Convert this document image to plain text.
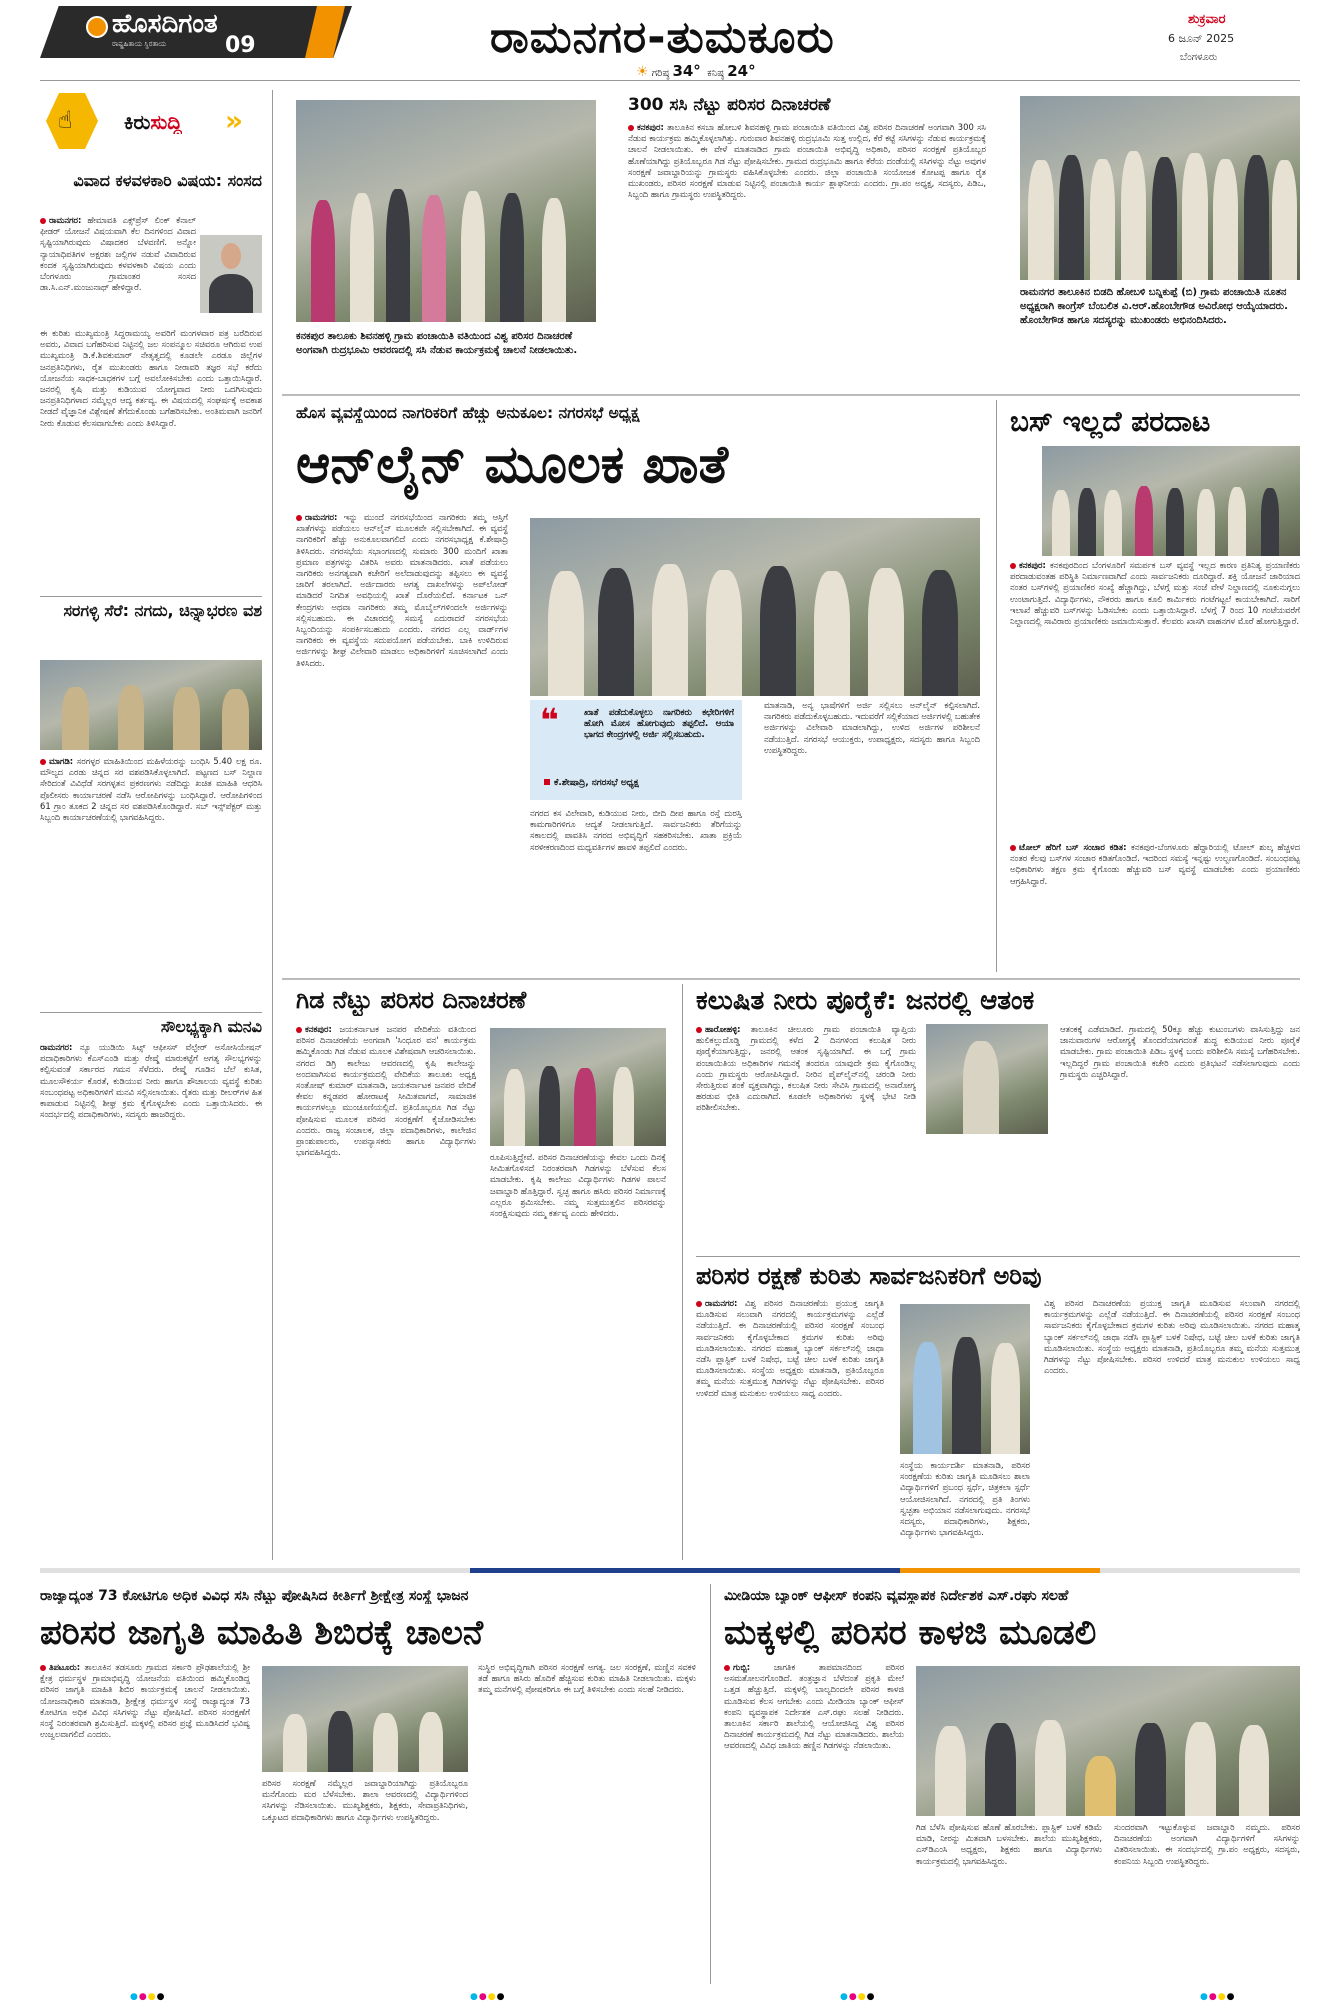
ಹೊಸದಿಗಂತ
ರಾಷ್ಟ್ರಹಿತಾಯ ಸ್ಥಿರತಾಯ	09	ರಾಮನಗರ-ತುಮಕೂರು	ಶುಕ್ರವಾರ
6 ಜೂನ್ 2025
ಬೆಂಗಳೂರು
☀ ಗರಿಷ್ಠ 34° ಕನಿಷ್ಠ 24°
☝	ಕಿರುಸುದ್ದಿ »
ವಿವಾದ ಕಳವಳಕಾರಿ ವಿಷಯ: ಸಂಸದ
ರಾಮನಗರ: ಹೇಮಾವತಿ ಎಕ್ಸ್‌ಪ್ರೆಸ್ ಲಿಂಕ್ ಕೆನಾಲ್ ಫೀಡರ್ ಯೋಜನೆ ವಿಷಯವಾಗಿ ಕೆಲ ದಿನಗಳಿಂದ ವಿವಾದ ಸೃಷ್ಟಿಯಾಗಿರುವುದು ವಿಷಾದಕರ ಬೆಳವಣಿಗೆ. ಅನ್ನೋ ನ್ಯಾಯಾಧಿಪತಿಗಳ ಅಕ್ಷರಶಃ ಜಲ್ಲಿಗಳ ನಡುವೆ ವಿವಾದಿರುವ ಕಂದಕ ಸೃಷ್ಟಿಯಾಗಿರುವುದು ಕಳವಳಕಾರಿ ವಿಷಯ ಎಂದು ಬೆಂಗಳೂರು ಗ್ರಾಮಾಂತರ ಸಂಸದ ಡಾ.ಸಿ.ಎನ್.ಮಂಜುನಾಥ್ ಹೇಳಿದ್ದಾರೆ.
ಈ ಕುರಿತು ಮುಖ್ಯಮಂತ್ರಿ ಸಿದ್ದರಾಮಯ್ಯ ಅವರಿಗೆ ಮಂಗಳವಾರ ಪತ್ರ ಬರೆದಿರುವ ಅವರು, ವಿವಾದ ಬಗೆಹರಿಸುವ ನಿಟ್ಟಿನಲ್ಲಿ ಜಲ ಸಂಪನ್ಮೂಲ ಸಚಿವರೂ ಆಗಿರುವ ಉಪ ಮುಖ್ಯಮಂತ್ರಿ ಡಿ.ಕೆ.ಶಿವಕುಮಾರ್ ನೇತೃತ್ವದಲ್ಲಿ ಕೂಡಲೇ ಎರಡೂ ಜಿಲ್ಲೆಗಳ ಜನಪ್ರತಿನಿಧಿಗಳು, ರೈತ ಮುಖಂಡರು ಹಾಗೂ ನೀರಾವರಿ ತಜ್ಞರ ಸಭೆ ಕರೆದು ಯೋಜನೆಯ ಸಾಧಕ-ಬಾಧಕಗಳ ಬಗ್ಗೆ ಅವಲೋಕಿಸಬೇಕು ಎಂದು ಒತ್ತಾಯಿಸಿದ್ದಾರೆ. ಜನರಲ್ಲಿ ಕೃಷಿ ಮತ್ತು ಕುಡಿಯುವ ಯೋಗ್ಯವಾದ ನೀರು ಒದಗಿಸುವುದು ಜನಪ್ರತಿನಿಧಿಗಳಾದ ನಮ್ಮೆಲ್ಲರ ಆದ್ಯ ಕರ್ತವ್ಯ. ಈ ವಿಷಯದಲ್ಲಿ ಸಂಘರ್ಷಕ್ಕೆ ಅವಕಾಶ ನೀಡದೆ ವೈಜ್ಞಾನಿಕ ವಿಶ್ಲೇಷಣೆ ತೆಗೆದುಕೊಂಡು ಬಗೆಹರಿಸಬೇಕು. ಅಂತಿಮವಾಗಿ ಜನರಿಗೆ ನೀರು ಕೊಡುವ ಕೆಲಸವಾಗಬೇಕು ಎಂದು ತಿಳಿಸಿದ್ದಾರೆ.
ಸರಗಳ್ಳಿ ಸೆರೆ: ನಗದು, ಚಿನ್ನಾಭರಣ ವಶ
ಮಾಗಡಿ: ಸರಗಳ್ಳರ ಮಾಹಿತಿಯಿಂದ ಮಹಿಳೆಯರನ್ನು ಬಂಧಿಸಿ 5.40 ಲಕ್ಷ ರೂ. ಮೌಲ್ಯದ ಎರಡು ಚಿನ್ನದ ಸರ ವಶಪಡಿಸಿಕೊಳ್ಳಲಾಗಿದೆ. ಪಟ್ಟಣದ ಬಸ್ ನಿಲ್ದಾಣ ಸೇರಿದಂತೆ ವಿವಿಧೆಡೆ ಸರಗಳ್ಳತನ ಪ್ರಕರಣಗಳು ನಡೆದಿದ್ದು ಖಚಿತ ಮಾಹಿತಿ ಆಧರಿಸಿ ಪೊಲೀಸರು ಕಾರ್ಯಾಚರಣೆ ನಡೆಸಿ ಆರೋಪಿಗಳನ್ನು ಬಂಧಿಸಿದ್ದಾರೆ. ಆರೋಪಿಗಳಿಂದ 61 ಗ್ರಾಂ ತೂಕದ 2 ಚಿನ್ನದ ಸರ ವಶಪಡಿಸಿಕೊಂಡಿದ್ದಾರೆ. ಸಬ್ ಇನ್ಸ್‌ಪೆಕ್ಟರ್ ಮತ್ತು ಸಿಬ್ಬಂದಿ ಕಾರ್ಯಾಚರಣೆಯಲ್ಲಿ ಭಾಗವಹಿಸಿದ್ದರು.
ಸೌಲಭ್ಯಕ್ಕಾಗಿ ಮನವಿ
ರಾಮನಗರ: ನ್ಯೂ ಯುಡಿಯಿ ಸಿಟ್ಸ್ ಆಫೀಸಸ್ ವೆಲ್ಫೇರ್ ಅಸೋಸಿಯೇಷನ್ ಪದಾಧಿಕಾರಿಗಳು ಕೆಎಸ್ಎಂಡಿ ಮತ್ತು ರೇಷ್ಮೆ ಮಾರುಕಟ್ಟೆಗೆ ಅಗತ್ಯ ಸೌಲಭ್ಯಗಳನ್ನು ಕಲ್ಪಿಸುವಂತೆ ಸರ್ಕಾರದ ಗಮನ ಸೆಳೆದರು. ರೇಷ್ಮೆ ಗೂಡಿನ ಬೆಲೆ ಕುಸಿತ, ಮೂಲಸೌಕರ್ಯ ಕೊರತೆ, ಕುಡಿಯುವ ನೀರು ಹಾಗೂ ಶೌಚಾಲಯ ವ್ಯವಸ್ಥೆ ಕುರಿತು ಸಂಬಂಧಪಟ್ಟ ಅಧಿಕಾರಿಗಳಿಗೆ ಮನವಿ ಸಲ್ಲಿಸಲಾಯಿತು. ರೈತರು ಮತ್ತು ರೀಲರ್‌ಗಳ ಹಿತ ಕಾಪಾಡುವ ನಿಟ್ಟಿನಲ್ಲಿ ಶೀಘ್ರ ಕ್ರಮ ಕೈಗೊಳ್ಳಬೇಕು ಎಂದು ಒತ್ತಾಯಿಸಿದರು. ಈ ಸಂದರ್ಭದಲ್ಲಿ ಪದಾಧಿಕಾರಿಗಳು, ಸದಸ್ಯರು ಹಾಜರಿದ್ದರು.
ಕನಕಪುರ ತಾಲೂಕು ಶಿವನಹಳ್ಳಿ ಗ್ರಾಮ ಪಂಚಾಯಿತಿ ವತಿಯಿಂದ ವಿಶ್ವ ಪರಿಸರ ದಿನಾಚರಣೆ ಅಂಗವಾಗಿ ರುದ್ರಭೂಮಿ ಆವರಣದಲ್ಲಿ ಸಸಿ ನೆಡುವ ಕಾರ್ಯಕ್ರಮಕ್ಕೆ ಚಾಲನೆ ನೀಡಲಾಯಿತು.
300 ಸಸಿ ನೆಟ್ಟು ಪರಿಸರ ದಿನಾಚರಣೆ
ಕನಕಪುರ: ತಾಲೂಕಿನ ಕಸಬಾ ಹೋಬಳಿ ಶಿವನಹಳ್ಳಿ ಗ್ರಾಮ ಪಂಚಾಯಿತಿ ವತಿಯಿಂದ ವಿಶ್ವ ಪರಿಸರ ದಿನಾಚರಣೆ ಅಂಗವಾಗಿ 300 ಸಸಿ ನೆಡುವ ಕಾರ್ಯಕ್ರಮ ಹಮ್ಮಿಕೊಳ್ಳಲಾಗಿತ್ತು. ಗುರುವಾರ ಶಿವನಹಳ್ಳಿ ರುದ್ರಭೂಮಿ ಸುತ್ತ ಉಲ್ಲಿದ, ಕೆರೆ ಕಟ್ಟೆ ಸಸಿಗಳನ್ನು ನೆಡುವ ಕಾರ್ಯಕ್ರಮಕ್ಕೆ ಚಾಲನೆ ನೀಡಲಾಯಿತು. ಈ ವೇಳೆ ಮಾತನಾಡಿದ ಗ್ರಾಮ ಪಂಚಾಯಿತಿ ಅಭಿವೃದ್ಧಿ ಅಧಿಕಾರಿ, ಪರಿಸರ ಸಂರಕ್ಷಣೆ ಪ್ರತಿಯೊಬ್ಬರ ಹೊಣೆಯಾಗಿದ್ದು ಪ್ರತಿಯೊಬ್ಬರೂ ಗಿಡ ನೆಟ್ಟು ಪೋಷಿಸಬೇಕು. ಗ್ರಾಮದ ರುದ್ರಭೂಮಿ ಹಾಗೂ ಕೆರೆಯ ದಂಡೆಯಲ್ಲಿ ಸಸಿಗಳನ್ನು ನೆಟ್ಟು ಅವುಗಳ ಸಂರಕ್ಷಣೆ ಜವಾಬ್ದಾರಿಯನ್ನು ಗ್ರಾಮಸ್ಥರು ವಹಿಸಿಕೊಳ್ಳಬೇಕು ಎಂದರು. ಜಿಲ್ಲಾ ಪಂಚಾಯಿತಿ ಸಂಯೋಜಕ ಕೋಟಪ್ಪ ಹಾಗೂ ರೈತ ಮುಖಂಡರು, ಪರಿಸರ ಸಂರಕ್ಷಣೆ ಮಾಡುವ ನಿಟ್ಟಿನಲ್ಲಿ ಪಂಚಾಯಿತಿ ಕಾರ್ಯ ಶ್ಲಾಘನೀಯ ಎಂದರು. ಗ್ರಾ.ಪಂ ಅಧ್ಯಕ್ಷ, ಸದಸ್ಯರು, ಪಿಡಿಒ, ಸಿಬ್ಬಂದಿ ಹಾಗೂ ಗ್ರಾಮಸ್ಥರು ಉಪಸ್ಥಿತರಿದ್ದರು.
ರಾಮನಗರ ತಾಲೂಕಿನ ಬಿಡದಿ ಹೋಬಳಿ ಬನ್ನಿಕುಪ್ಪೆ (ಬಿ) ಗ್ರಾಮ ಪಂಚಾಯಿತಿ ನೂತನ ಅಧ್ಯಕ್ಷರಾಗಿ ಕಾಂಗ್ರೆಸ್ ಬೆಂಬಲಿತ ವಿ.ಆರ್.ಹೊಂಬೇಗೌಡ ಅವಿರೋಧ ಆಯ್ಕೆಯಾದರು. ಹೊಂಬೇಗೌಡ ಹಾಗೂ ಸದಸ್ಯರನ್ನು ಮುಖಂಡರು ಅಭಿನಂದಿಸಿದರು.
ಹೊಸ ವ್ಯವಸ್ಥೆಯಿಂದ ನಾಗರಿಕರಿಗೆ ಹೆಚ್ಚು ಅನುಕೂಲ: ನಗರಸಭೆ ಅಧ್ಯಕ್ಷ
ಆನ್‌ಲೈನ್ ಮೂಲಕ ಖಾತೆ
ರಾಮನಗರ: ಇನ್ನು ಮುಂದೆ ನಗರಸಭೆಯಿಂದ ನಾಗರಿಕರು ತಮ್ಮ ಆಸ್ತಿಗೆ ಖಾತೆಗಳನ್ನು ಪಡೆಯಲು ಆನ್‌ಲೈನ್ ಮೂಲಕವೇ ಸಲ್ಲಿಸಬೇಕಾಗಿದೆ. ಈ ವ್ಯವಸ್ಥೆ ನಾಗರಿಕರಿಗೆ ಹೆಚ್ಚು ಅನುಕೂಲವಾಗಲಿದೆ ಎಂದು ನಗರಸಭಾಧ್ಯಕ್ಷ ಕೆ.ಶೇಷಾದ್ರಿ ತಿಳಿಸಿದರು. ನಗರಸಭೆಯ ಸಭಾಂಗಣದಲ್ಲಿ ಸುಮಾರು 300 ಮಂದಿಗೆ ಖಾತಾ ಪ್ರಮಾಣ ಪತ್ರಗಳನ್ನು ವಿತರಿಸಿ ಅವರು ಮಾತನಾಡಿದರು. ಖಾತೆ ಪಡೆಯಲು ನಾಗರಿಕರು ಅನಗತ್ಯವಾಗಿ ಕಚೇರಿಗೆ ಅಲೆದಾಡುವುದನ್ನು ತಪ್ಪಿಸಲು ಈ ವ್ಯವಸ್ಥೆ ಜಾರಿಗೆ ತರಲಾಗಿದೆ. ಅರ್ಜಿದಾರರು ಅಗತ್ಯ ದಾಖಲೆಗಳನ್ನು ಅಪ್‌ಲೋಡ್ ಮಾಡಿದರೆ ನಿಗದಿತ ಅವಧಿಯಲ್ಲಿ ಖಾತೆ ದೊರೆಯಲಿದೆ. ಕರ್ನಾಟಕ ಒನ್ ಕೇಂದ್ರಗಳು ಅಥವಾ ನಾಗರಿಕರು ತಮ್ಮ ಮೊಬೈಲ್‌ಗಳಿಂದಲೇ ಅರ್ಜಿಗಳನ್ನು ಸಲ್ಲಿಸಬಹುದು. ಈ ವಿಚಾರದಲ್ಲಿ ಸಮಸ್ಯೆ ಎದುರಾದರೆ ನಗರಸಭೆಯ ಸಿಬ್ಬಂದಿಯನ್ನು ಸಂಪರ್ಕಿಸಬಹುದು ಎಂದರು. ನಗರದ ಎಲ್ಲ ವಾರ್ಡ್‌ಗಳ ನಾಗರಿಕರು ಈ ವ್ಯವಸ್ಥೆಯ ಸದುಪಯೋಗ ಪಡೆಯಬೇಕು. ಬಾಕಿ ಉಳಿದಿರುವ ಅರ್ಜಿಗಳನ್ನು ಶೀಘ್ರ ವಿಲೇವಾರಿ ಮಾಡಲು ಅಧಿಕಾರಿಗಳಿಗೆ ಸೂಚಿಸಲಾಗಿದೆ ಎಂದು ತಿಳಿಸಿದರು.
❝	ಖಾತೆ ಪಡೆದುಕೊಳ್ಳಲು ನಾಗರಿಕರು ಕಛೇರಿಗಳಿಗೆ ಹೋಗಿ ಮೋಸ ಹೋಗುವುದು ತಪ್ಪಲಿದೆ. ಆಯಾ ಭಾಗದ ಕೇಂದ್ರಗಳಲ್ಲಿ ಅರ್ಜಿ ಸಲ್ಲಿಸಬಹುದು.
ಕೆ.ಶೇಷಾದ್ರಿ, ನಗರಸಭೆ ಅಧ್ಯಕ್ಷ
ನಗರದ ಕಸ ವಿಲೇವಾರಿ, ಕುಡಿಯುವ ನೀರು, ಬೀದಿ ದೀಪ ಹಾಗೂ ರಸ್ತೆ ದುರಸ್ತಿ ಕಾಮಗಾರಿಗಳಿಗೂ ಆದ್ಯತೆ ನೀಡಲಾಗುತ್ತಿದೆ. ಸಾರ್ವಜನಿಕರು ತೆರಿಗೆಯನ್ನು ಸಕಾಲದಲ್ಲಿ ಪಾವತಿಸಿ ನಗರದ ಅಭಿವೃದ್ಧಿಗೆ ಸಹಕರಿಸಬೇಕು. ಖಾತಾ ಪ್ರಕ್ರಿಯೆ ಸರಳೀಕರಣದಿಂದ ಮಧ್ಯವರ್ತಿಗಳ ಹಾವಳಿ ತಪ್ಪಲಿದೆ ಎಂದರು.
ಮಾತನಾಡಿ, ಅನ್ಯ ಭಾಷೆಗಳಿಗೆ ಅರ್ಜಿ ಸಲ್ಲಿಸಲು ಅನ್‌ಲೈನ್ ಕಲ್ಪಿಸಲಾಗಿದೆ. ನಾಗರಿಕರು ಪಡೆದುಕೊಳ್ಳಬಹುದು. ಇದುವರೆಗೆ ಸಲ್ಲಿಕೆಯಾದ ಅರ್ಜಿಗಳಲ್ಲಿ ಬಹುತೇಕ ಅರ್ಜಿಗಳನ್ನು ವಿಲೇವಾರಿ ಮಾಡಲಾಗಿದ್ದು, ಉಳಿದ ಅರ್ಜಿಗಳ ಪರಿಶೀಲನೆ ನಡೆಯುತ್ತಿದೆ. ನಗರಸಭೆ ಆಯುಕ್ತರು, ಉಪಾಧ್ಯಕ್ಷರು, ಸದಸ್ಯರು ಹಾಗೂ ಸಿಬ್ಬಂದಿ ಉಪಸ್ಥಿತರಿದ್ದರು.
ಬಸ್ ಇಲ್ಲದೆ ಪರದಾಟ
ಕನಕಪುರ: ಕನಕಪುರದಿಂದ ಬೆಂಗಳೂರಿಗೆ ಸಮರ್ಪಕ ಬಸ್ ವ್ಯವಸ್ಥೆ ಇಲ್ಲದ ಕಾರಣ ಪ್ರತಿನಿತ್ಯ ಪ್ರಯಾಣಿಕರು ಪರದಾಡುವಂತಹ ಪರಿಸ್ಥಿತಿ ನಿರ್ಮಾಣವಾಗಿದೆ ಎಂದು ಸಾರ್ವಜನಿಕರು ದೂರಿದ್ದಾರೆ. ಶಕ್ತಿ ಯೋಜನೆ ಜಾರಿಯಾದ ನಂತರ ಬಸ್‌ಗಳಲ್ಲಿ ಪ್ರಯಾಣಿಕರ ಸಂಖ್ಯೆ ಹೆಚ್ಚಾಗಿದ್ದು, ಬೆಳಗ್ಗೆ ಮತ್ತು ಸಂಜೆ ವೇಳೆ ನಿಲ್ದಾಣದಲ್ಲಿ ನೂಕುನುಗ್ಗಲು ಉಂಟಾಗುತ್ತಿದೆ. ವಿದ್ಯಾರ್ಥಿಗಳು, ನೌಕರರು ಹಾಗೂ ಕೂಲಿ ಕಾರ್ಮಿಕರು ಗಂಟೆಗಟ್ಟಲೆ ಕಾಯಬೇಕಾಗಿದೆ. ಸಾರಿಗೆ ಇಲಾಖೆ ಹೆಚ್ಚುವರಿ ಬಸ್‌ಗಳನ್ನು ಓಡಿಸಬೇಕು ಎಂದು ಒತ್ತಾಯಿಸಿದ್ದಾರೆ. ಬೆಳಗ್ಗೆ 7 ರಿಂದ 10 ಗಂಟೆಯವರೆಗೆ ನಿಲ್ದಾಣದಲ್ಲಿ ಸಾವಿರಾರು ಪ್ರಯಾಣಿಕರು ಜಮಾಯಿಸುತ್ತಾರೆ. ಕೆಲವರು ಖಾಸಗಿ ವಾಹನಗಳ ಮೊರೆ ಹೋಗುತ್ತಿದ್ದಾರೆ.
ಟೋಲ್ ಹೆರಿಗೆ ಬಸ್ ಸಂಚಾರ ಕಡಿತ: ಕನಕಪುರ-ಬೆಂಗಳೂರು ಹೆದ್ದಾರಿಯಲ್ಲಿ ಟೋಲ್ ಶುಲ್ಕ ಹೆಚ್ಚಳದ ನಂತರ ಕೆಲವು ಬಸ್‌ಗಳ ಸಂಚಾರ ಕಡಿತಗೊಂಡಿದೆ. ಇದರಿಂದ ಸಮಸ್ಯೆ ಇನ್ನಷ್ಟು ಉಲ್ಬಣಗೊಂಡಿದೆ. ಸಂಬಂಧಪಟ್ಟ ಅಧಿಕಾರಿಗಳು ತಕ್ಷಣ ಕ್ರಮ ಕೈಗೊಂಡು ಹೆಚ್ಚುವರಿ ಬಸ್ ವ್ಯವಸ್ಥೆ ಮಾಡಬೇಕು ಎಂದು ಪ್ರಯಾಣಿಕರು ಆಗ್ರಹಿಸಿದ್ದಾರೆ.
ಗಿಡ ನೆಟ್ಟು ಪರಿಸರ ದಿನಾಚರಣೆ
ಕನಕಪುರ: ಜಯಕರ್ನಾಟಕ ಜನಪರ ವೇದಿಕೆಯ ವತಿಯಿಂದ ಪರಿಸರ ದಿನಾಚರಣೆಯ ಅಂಗವಾಗಿ 'ಸಿಂಧೂರ ವನ' ಕಾರ್ಯಕ್ರಮ ಹಮ್ಮಿಕೊಂಡು ಗಿಡ ನೆಡುವ ಮೂಲಕ ವಿಶೇಷವಾಗಿ ಆಚರಿಸಲಾಯಿತು. ನಗರದ ಡಿಗ್ರಿ ಕಾಲೇಜು ಆವರಣದಲ್ಲಿ ಕೃಷಿ ಕಾಲೇಜನ್ನು ಅಂದವಾಗಿಸುವ ಕಾರ್ಯಕ್ರಮದಲ್ಲಿ ವೇದಿಕೆಯ ತಾಲೂಕು ಅಧ್ಯಕ್ಷ ಸಂತೋಷ್ ಕುಮಾರ್ ಮಾತನಾಡಿ, ಜಯಕರ್ನಾಟಕ ಜನಪರ ವೇದಿಕೆ ಕೇವಲ ಕನ್ನಡಪರ ಹೋರಾಟಕ್ಕೆ ಸೀಮಿತವಾಗದೆ, ಸಾಮಾಜಿಕ ಕಾರ್ಯಗಳಲ್ಲೂ ಮುಂಚೂಣಿಯಲ್ಲಿದೆ. ಪ್ರತಿಯೊಬ್ಬರೂ ಗಿಡ ನೆಟ್ಟು ಪೋಷಿಸುವ ಮೂಲಕ ಪರಿಸರ ಸಂರಕ್ಷಣೆಗೆ ಕೈಜೋಡಿಸಬೇಕು ಎಂದರು. ರಾಜ್ಯ ಸಂಚಾಲಕ, ಜಿಲ್ಲಾ ಪದಾಧಿಕಾರಿಗಳು, ಕಾಲೇಜಿನ ಪ್ರಾಂಶುಪಾಲರು, ಉಪನ್ಯಾಸಕರು ಹಾಗೂ ವಿದ್ಯಾರ್ಥಿಗಳು ಭಾಗವಹಿಸಿದ್ದರು.	ರೂಪಿಸುತ್ತಿದ್ದೇವೆ. ಪರಿಸರ ದಿನಾಚರಣೆಯನ್ನು ಕೇವಲ ಒಂದು ದಿನಕ್ಕೆ ಸೀಮಿತಗೊಳಿಸದೆ ನಿರಂತರವಾಗಿ ಗಿಡಗಳನ್ನು ಬೆಳೆಸುವ ಕೆಲಸ ಮಾಡಬೇಕು. ಕೃಷಿ ಕಾಲೇಜು ವಿದ್ಯಾರ್ಥಿಗಳು ಗಿಡಗಳ ಪಾಲನೆ ಜವಾಬ್ದಾರಿ ಹೊತ್ತಿದ್ದಾರೆ. ಸ್ವಚ್ಛ ಹಾಗೂ ಹಸಿರು ಪರಿಸರ ನಿರ್ಮಾಣಕ್ಕೆ ಎಲ್ಲರೂ ಶ್ರಮಿಸಬೇಕು. ನಮ್ಮ ಸುತ್ತಮುತ್ತಲಿನ ಪರಿಸರವನ್ನು ಸಂರಕ್ಷಿಸುವುದು ನಮ್ಮ ಕರ್ತವ್ಯ ಎಂದು ಹೇಳಿದರು.
ಕಲುಷಿತ ನೀರು ಪೂರೈಕೆ: ಜನರಲ್ಲಿ ಆತಂಕ
ಹಾರೋಹಳ್ಳಿ: ತಾಲೂಕಿನ ಚೀಲೂರು ಗ್ರಾಮ ಪಂಚಾಯಿತಿ ವ್ಯಾಪ್ತಿಯ ಹುಲಿಕಲ್ಲುದೊಡ್ಡಿ ಗ್ರಾಮದಲ್ಲಿ ಕಳೆದ 2 ದಿನಗಳಿಂದ ಕಲುಷಿತ ನೀರು ಪೂರೈಕೆಯಾಗುತ್ತಿದ್ದು, ಜನರಲ್ಲಿ ಆತಂಕ ಸೃಷ್ಟಿಯಾಗಿದೆ. ಈ ಬಗ್ಗೆ ಗ್ರಾಮ ಪಂಚಾಯಿತಿಯ ಅಧಿಕಾರಿಗಳ ಗಮನಕ್ಕೆ ತಂದರೂ ಯಾವುದೇ ಕ್ರಮ ಕೈಗೊಂಡಿಲ್ಲ ಎಂದು ಗ್ರಾಮಸ್ಥರು ಆರೋಪಿಸಿದ್ದಾರೆ. ನೀರಿನ ಪೈಪ್‌ಲೈನ್‌ನಲ್ಲಿ ಚರಂಡಿ ನೀರು ಸೇರುತ್ತಿರುವ ಶಂಕೆ ವ್ಯಕ್ತವಾಗಿದ್ದು, ಕಲುಷಿತ ನೀರು ಸೇವಿಸಿ ಗ್ರಾಮದಲ್ಲಿ ಅನಾರೋಗ್ಯ ಹರಡುವ ಭೀತಿ ಎದುರಾಗಿದೆ. ಕೂಡಲೇ ಅಧಿಕಾರಿಗಳು ಸ್ಥಳಕ್ಕೆ ಭೇಟಿ ನೀಡಿ ಪರಿಶೀಲಿಸಬೇಕು.
ಆತಂಕಕ್ಕೆ ಎಡೆಮಾಡಿದೆ. ಗ್ರಾಮದಲ್ಲಿ 50ಕ್ಕೂ ಹೆಚ್ಚು ಕುಟುಂಬಗಳು ವಾಸಿಸುತ್ತಿದ್ದು ಜನ ಜಾನುವಾರುಗಳ ಆರೋಗ್ಯಕ್ಕೆ ತೊಂದರೆಯಾಗದಂತೆ ಶುದ್ಧ ಕುಡಿಯುವ ನೀರು ಪೂರೈಕೆ ಮಾಡಬೇಕು. ಗ್ರಾಮ ಪಂಚಾಯಿತಿ ಪಿಡಿಒ ಸ್ಥಳಕ್ಕೆ ಬಂದು ಪರಿಶೀಲಿಸಿ ಸಮಸ್ಯೆ ಬಗೆಹರಿಸಬೇಕು. ಇಲ್ಲದಿದ್ದರೆ ಗ್ರಾಮ ಪಂಚಾಯಿತಿ ಕಚೇರಿ ಎದುರು ಪ್ರತಿಭಟನೆ ನಡೆಸಲಾಗುವುದು ಎಂದು ಗ್ರಾಮಸ್ಥರು ಎಚ್ಚರಿಸಿದ್ದಾರೆ.
ಪರಿಸರ ರಕ್ಷಣೆ ಕುರಿತು ಸಾರ್ವಜನಿಕರಿಗೆ ಅರಿವು
ರಾಮನಗರ: ವಿಶ್ವ ಪರಿಸರ ದಿನಾಚರಣೆಯ ಪ್ರಯುಕ್ತ ಜಾಗೃತಿ ಮೂಡಿಸುವ ಸಲುವಾಗಿ ನಗರದಲ್ಲಿ ಕಾರ್ಯಕ್ರಮಗಳನ್ನು ಎಲ್ಲೆಡೆ ನಡೆಯುತ್ತಿದೆ. ಈ ದಿನಾಚರಣೆಯಲ್ಲಿ ಪರಿಸರ ಸಂರಕ್ಷಣೆ ಸಂಬಂಧ ಸಾರ್ವಜನಿಕರು ಕೈಗೊಳ್ಳಬೇಕಾದ ಕ್ರಮಗಳ ಕುರಿತು ಅರಿವು ಮೂಡಿಸಲಾಯಿತು. ನಗರದ ಮಹಾತ್ಮ ಬ್ಯಾಂಕ್ ಸರ್ಕಲ್‌ನಲ್ಲಿ ಜಾಥಾ ನಡೆಸಿ ಪ್ಲಾಸ್ಟಿಕ್ ಬಳಕೆ ನಿಷೇಧ, ಬಟ್ಟೆ ಚೀಲ ಬಳಕೆ ಕುರಿತು ಜಾಗೃತಿ ಮೂಡಿಸಲಾಯಿತು. ಸಂಸ್ಥೆಯ ಅಧ್ಯಕ್ಷರು ಮಾತನಾಡಿ, ಪ್ರತಿಯೊಬ್ಬರೂ ತಮ್ಮ ಮನೆಯ ಸುತ್ತಮುತ್ತ ಗಿಡಗಳನ್ನು ನೆಟ್ಟು ಪೋಷಿಸಬೇಕು. ಪರಿಸರ ಉಳಿದರೆ ಮಾತ್ರ ಮನುಕುಲ ಉಳಿಯಲು ಸಾಧ್ಯ ಎಂದರು.
ಸಂಸ್ಥೆಯ ಕಾರ್ಯದರ್ಶಿ ಮಾತನಾಡಿ, ಪರಿಸರ ಸಂರಕ್ಷಣೆಯ ಕುರಿತು ಜಾಗೃತಿ ಮೂಡಿಸಲು ಶಾಲಾ ವಿದ್ಯಾರ್ಥಿಗಳಿಗೆ ಪ್ರಬಂಧ ಸ್ಪರ್ಧೆ, ಚಿತ್ರಕಲಾ ಸ್ಪರ್ಧೆ ಆಯೋಜಿಸಲಾಗಿದೆ. ನಗರದಲ್ಲಿ ಪ್ರತಿ ತಿಂಗಳು ಸ್ವಚ್ಛತಾ ಅಭಿಯಾನ ನಡೆಸಲಾಗುವುದು. ನಗರಸಭೆ ಸದಸ್ಯರು, ಪದಾಧಿಕಾರಿಗಳು, ಶಿಕ್ಷಕರು, ವಿದ್ಯಾರ್ಥಿಗಳು ಭಾಗವಹಿಸಿದ್ದರು.
ವಿಶ್ವ ಪರಿಸರ ದಿನಾಚರಣೆಯ ಪ್ರಯುಕ್ತ ಜಾಗೃತಿ ಮೂಡಿಸುವ ಸಲುವಾಗಿ ನಗರದಲ್ಲಿ ಕಾರ್ಯಕ್ರಮಗಳನ್ನು ಎಲ್ಲೆಡೆ ನಡೆಯುತ್ತಿದೆ. ಈ ದಿನಾಚರಣೆಯಲ್ಲಿ ಪರಿಸರ ಸಂರಕ್ಷಣೆ ಸಂಬಂಧ ಸಾರ್ವಜನಿಕರು ಕೈಗೊಳ್ಳಬೇಕಾದ ಕ್ರಮಗಳ ಕುರಿತು ಅರಿವು ಮೂಡಿಸಲಾಯಿತು. ನಗರದ ಮಹಾತ್ಮ ಬ್ಯಾಂಕ್ ಸರ್ಕಲ್‌ನಲ್ಲಿ ಜಾಥಾ ನಡೆಸಿ ಪ್ಲಾಸ್ಟಿಕ್ ಬಳಕೆ ನಿಷೇಧ, ಬಟ್ಟೆ ಚೀಲ ಬಳಕೆ ಕುರಿತು ಜಾಗೃತಿ ಮೂಡಿಸಲಾಯಿತು. ಸಂಸ್ಥೆಯ ಅಧ್ಯಕ್ಷರು ಮಾತನಾಡಿ, ಪ್ರತಿಯೊಬ್ಬರೂ ತಮ್ಮ ಮನೆಯ ಸುತ್ತಮುತ್ತ ಗಿಡಗಳನ್ನು ನೆಟ್ಟು ಪೋಷಿಸಬೇಕು. ಪರಿಸರ ಉಳಿದರೆ ಮಾತ್ರ ಮನುಕುಲ ಉಳಿಯಲು ಸಾಧ್ಯ ಎಂದರು.
ರಾಜ್ಯಾದ್ಯಂತ 73 ಕೋಟಿಗೂ ಅಧಿಕ ವಿವಿಧ ಸಸಿ ನೆಟ್ಟು ಪೋಷಿಸಿದ ಕೀರ್ತಿಗೆ ಶ್ರೀಕ್ಷೇತ್ರ ಸಂಸ್ಥೆ ಭಾಜನ
ಪರಿಸರ ಜಾಗೃತಿ ಮಾಹಿತಿ ಶಿಬಿರಕ್ಕೆ ಚಾಲನೆ
ತಿಪಟೂರು: ತಾಲೂಕಿನ ತಡಸೂರು ಗ್ರಾಮದ ಸರ್ಕಾರಿ ಪ್ರೌಢಶಾಲೆಯಲ್ಲಿ ಶ್ರೀ ಕ್ಷೇತ್ರ ಧರ್ಮಸ್ಥಳ ಗ್ರಾಮಾಭಿವೃದ್ಧಿ ಯೋಜನೆಯ ವತಿಯಿಂದ ಹಮ್ಮಿಕೊಂಡಿದ್ದ ಪರಿಸರ ಜಾಗೃತಿ ಮಾಹಿತಿ ಶಿಬಿರ ಕಾರ್ಯಕ್ರಮಕ್ಕೆ ಚಾಲನೆ ನೀಡಲಾಯಿತು. ಯೋಜನಾಧಿಕಾರಿ ಮಾತನಾಡಿ, ಶ್ರೀಕ್ಷೇತ್ರ ಧರ್ಮಸ್ಥಳ ಸಂಸ್ಥೆ ರಾಜ್ಯಾದ್ಯಂತ 73 ಕೋಟಿಗೂ ಅಧಿಕ ವಿವಿಧ ಸಸಿಗಳನ್ನು ನೆಟ್ಟು ಪೋಷಿಸಿದೆ. ಪರಿಸರ ಸಂರಕ್ಷಣೆಗೆ ಸಂಸ್ಥೆ ನಿರಂತರವಾಗಿ ಶ್ರಮಿಸುತ್ತಿದೆ. ಮಕ್ಕಳಲ್ಲಿ ಪರಿಸರ ಪ್ರಜ್ಞೆ ಮೂಡಿಸಿದರೆ ಭವಿಷ್ಯ ಉಜ್ವಲವಾಗಲಿದೆ ಎಂದರು.
ಪರಿಸರ ಸಂರಕ್ಷಣೆ ನಮ್ಮೆಲ್ಲರ ಜವಾಬ್ದಾರಿಯಾಗಿದ್ದು ಪ್ರತಿಯೊಬ್ಬರೂ ಮನೆಗೊಂದು ಮರ ಬೆಳೆಸಬೇಕು. ಶಾಲಾ ಆವರಣದಲ್ಲಿ ವಿದ್ಯಾರ್ಥಿಗಳಿಂದ ಸಸಿಗಳನ್ನು ನೆಡಿಸಲಾಯಿತು. ಮುಖ್ಯಶಿಕ್ಷಕರು, ಶಿಕ್ಷಕರು, ಸೇವಾಪ್ರತಿನಿಧಿಗಳು, ಒಕ್ಕೂಟದ ಪದಾಧಿಕಾರಿಗಳು ಹಾಗೂ ವಿದ್ಯಾರ್ಥಿಗಳು ಉಪಸ್ಥಿತರಿದ್ದರು.
ಸುಸ್ಥಿರ ಅಭಿವೃದ್ಧಿಗಾಗಿ ಪರಿಸರ ಸಂರಕ್ಷಣೆ ಅಗತ್ಯ. ಜಲ ಸಂರಕ್ಷಣೆ, ಮಣ್ಣಿನ ಸವಕಳಿ ತಡೆ ಹಾಗೂ ಹಸಿರು ಹೊದಿಕೆ ಹೆಚ್ಚಿಸುವ ಕುರಿತು ಮಾಹಿತಿ ನೀಡಲಾಯಿತು. ಮಕ್ಕಳು ತಮ್ಮ ಮನೆಗಳಲ್ಲಿ ಪೋಷಕರಿಗೂ ಈ ಬಗ್ಗೆ ತಿಳಿಸಬೇಕು ಎಂದು ಸಲಹೆ ನೀಡಿದರು.
ಮೀಡಿಯಾ ಬ್ಯಾಂಕ್ ಆಫೀಸ್ ಕಂಪನಿ ವ್ಯವಸ್ಥಾಪಕ ನಿರ್ದೇಶಕ ಎಸ್.ರಘು ಸಲಹೆ
ಮಕ್ಕಳಲ್ಲಿ ಪರಿಸರ ಕಾಳಜಿ ಮೂಡಲಿ
ಗುಬ್ಬಿ:	ಜಾಗತಿಕ ತಾಪಮಾನದಿಂದ ಪರಿಸರ ಅಸಮತೋಲನಗೊಂಡಿದೆ. ತಂತ್ರಜ್ಞಾನ ಬೆಳೆದಂತೆ ಪ್ರಕೃತಿ ಮೇಲೆ ಒತ್ತಡ ಹೆಚ್ಚುತ್ತಿದೆ. ಮಕ್ಕಳಲ್ಲಿ ಬಾಲ್ಯದಿಂದಲೇ ಪರಿಸರ ಕಾಳಜಿ ಮೂಡಿಸುವ ಕೆಲಸ ಆಗಬೇಕು ಎಂದು ಮೀಡಿಯಾ ಬ್ಯಾಂಕ್ ಆಫೀಸ್ ಕಂಪನಿ ವ್ಯವಸ್ಥಾಪಕ ನಿರ್ದೇಶಕ ಎಸ್.ರಘು ಸಲಹೆ ನೀಡಿದರು. ತಾಲೂಕಿನ ಸರ್ಕಾರಿ ಶಾಲೆಯಲ್ಲಿ ಆಯೋಜಿಸಿದ್ದ ವಿಶ್ವ ಪರಿಸರ ದಿನಾಚರಣೆ ಕಾರ್ಯಕ್ರಮದಲ್ಲಿ ಗಿಡ ನೆಟ್ಟು ಮಾತನಾಡಿದರು. ಶಾಲೆಯ ಆವರಣದಲ್ಲಿ ವಿವಿಧ ಜಾತಿಯ ಹಣ್ಣಿನ ಗಿಡಗಳನ್ನು ನೆಡಲಾಯಿತು.
ಗಿಡ ಬೆಳೆಸಿ ಪೋಷಿಸುವ ಹೊಣೆ ಹೊರಬೇಕು. ಪ್ಲಾಸ್ಟಿಕ್ ಬಳಕೆ ಕಡಿಮೆ ಮಾಡಿ, ನೀರನ್ನು ಮಿತವಾಗಿ ಬಳಸಬೇಕು. ಶಾಲೆಯ ಮುಖ್ಯಶಿಕ್ಷಕರು, ಎಸ್‌ಡಿಎಂಸಿ ಅಧ್ಯಕ್ಷರು, ಶಿಕ್ಷಕರು ಹಾಗೂ ವಿದ್ಯಾರ್ಥಿಗಳು ಕಾರ್ಯಕ್ರಮದಲ್ಲಿ ಭಾಗವಹಿಸಿದ್ದರು.
ಸುಂದರವಾಗಿ ಇಟ್ಟುಕೊಳ್ಳುವ ಜವಾಬ್ದಾರಿ ನಮ್ಮದು. ಪರಿಸರ ದಿನಾಚರಣೆಯ ಅಂಗವಾಗಿ ವಿದ್ಯಾರ್ಥಿಗಳಿಗೆ ಸಸಿಗಳನ್ನು ವಿತರಿಸಲಾಯಿತು. ಈ ಸಂದರ್ಭದಲ್ಲಿ ಗ್ರಾ.ಪಂ ಅಧ್ಯಕ್ಷರು, ಸದಸ್ಯರು, ಕಂಪನಿಯ ಸಿಬ್ಬಂದಿ ಉಪಸ್ಥಿತರಿದ್ದರು.
●●●●	●●●●	●●●●	●●●●
